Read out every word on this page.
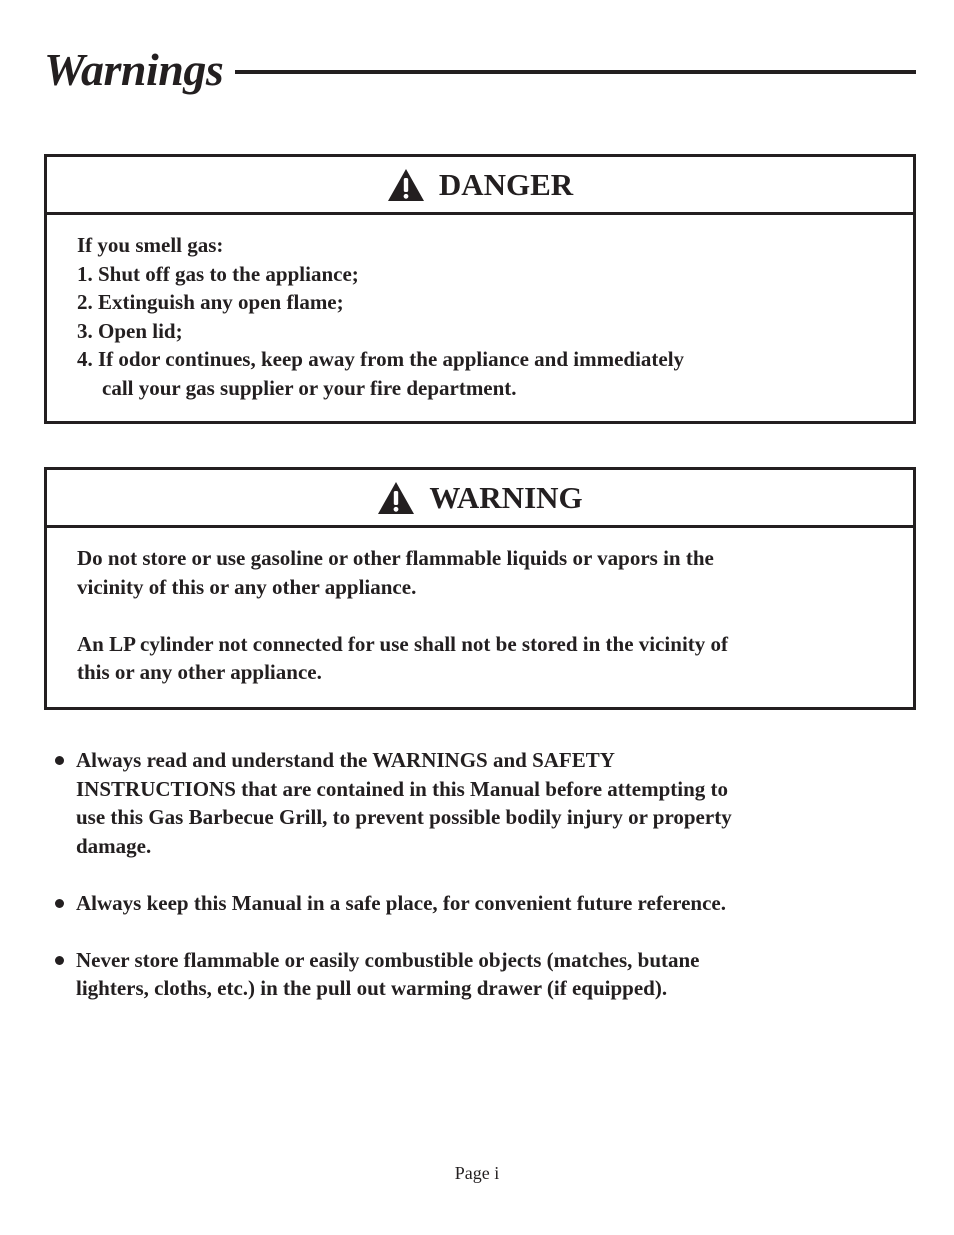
Warnings
DANGER
If you smell gas:
1. Shut off gas to the appliance;
2. Extinguish any open flame;
3. Open lid;
4. If odor continues, keep away from the appliance and immediately
call your gas supplier or your fire department.
WARNING
Do not store or use gasoline or other flammable liquids or vapors in the
vicinity of this or any other appliance.
An LP cylinder not connected for use shall not be stored in the vicinity of
this or any other appliance.
Always read and understand the WARNINGS and SAFETY
INSTRUCTIONS that are contained in this Manual before attempting to
use this Gas Barbecue Grill, to prevent possible bodily injury or property
damage.
Always keep this Manual in a safe place, for convenient future reference.
Never store flammable or easily combustible objects (matches, butane
lighters, cloths, etc.) in the pull out warming drawer (if equipped).
Page i
